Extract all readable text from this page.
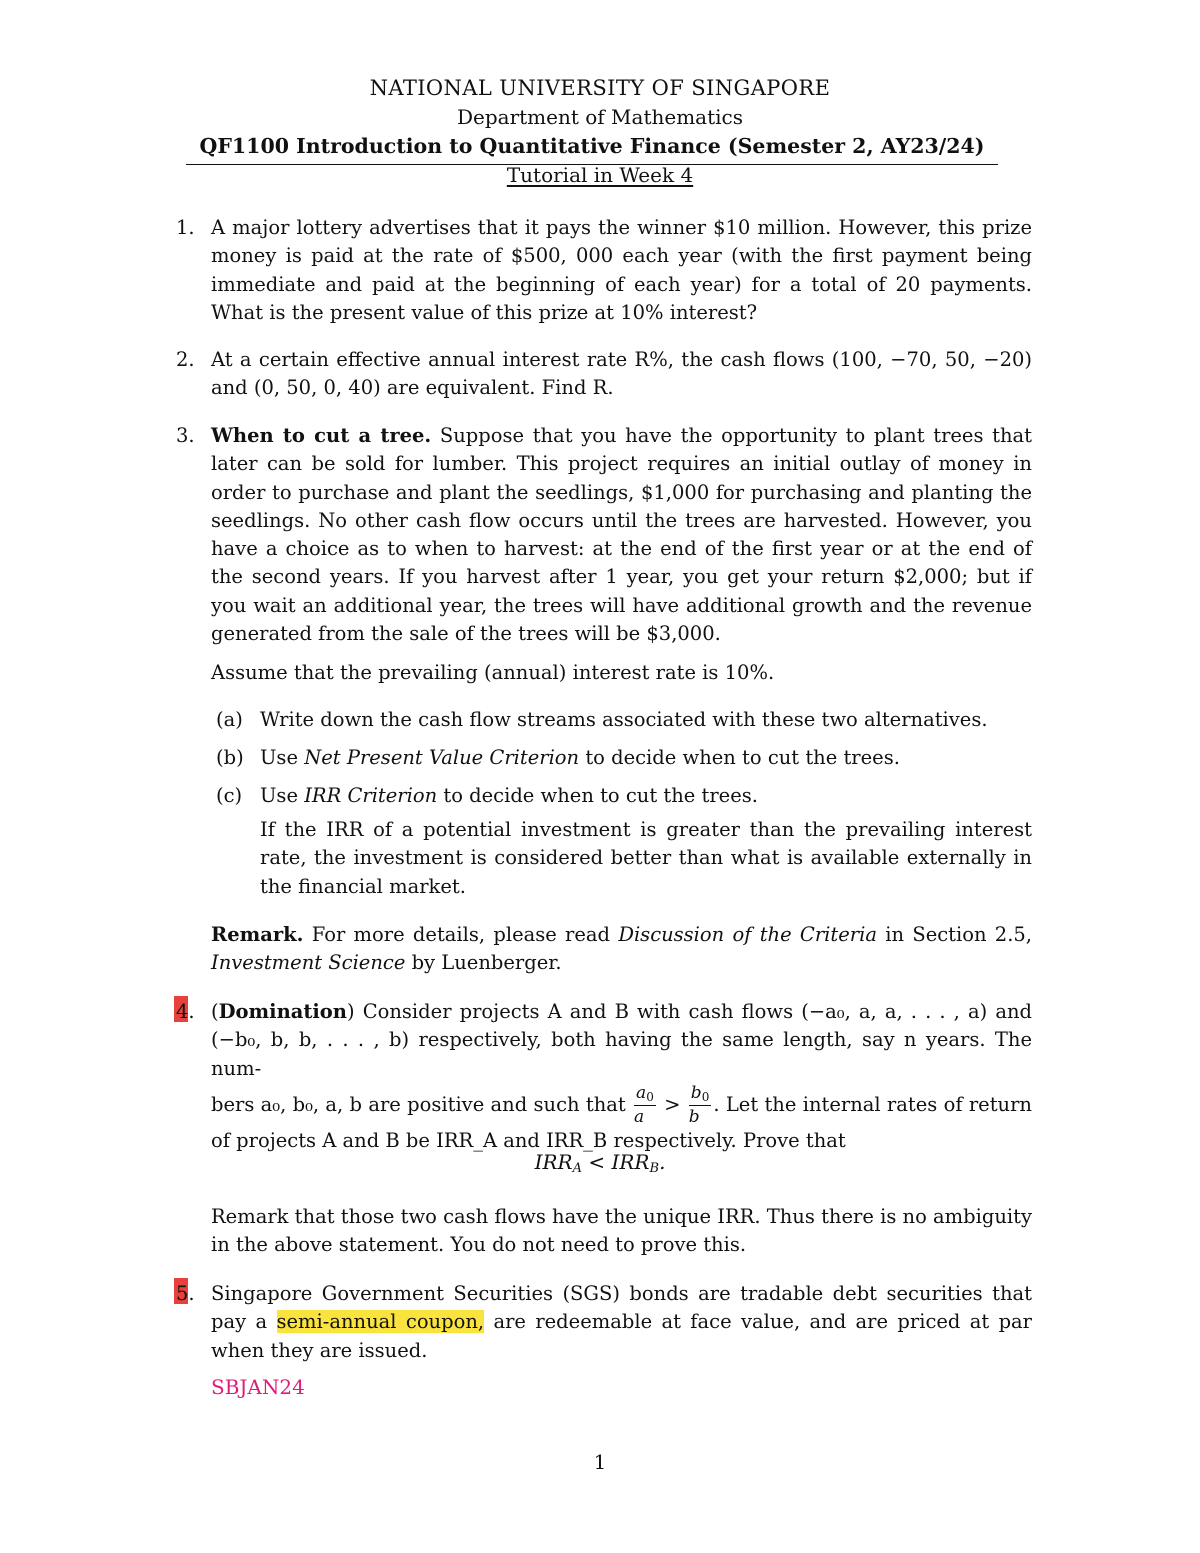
NATIONAL UNIVERSITY OF SINGAPORE
Department of Mathematics
QF1100 Introduction to Quantitative Finance (Semester 2, AY23/24)
Tutorial in Week 4
1. A major lottery advertises that it pays the winner $10 million. However, this prize
money is paid at the rate of $500, 000 each year (with the first payment being
immediate and paid at the beginning of each year) for a total of 20 payments.
What is the present value of this prize at 10% interest?
2. At a certain effective annual interest rate R%, the cash flows (100, −70, 50, −20)
and (0, 50, 0, 40) are equivalent. Find R.
3. When to cut a tree. Suppose that you have the opportunity to plant trees that
later can be sold for lumber. This project requires an initial outlay of money in
order to purchase and plant the seedlings, $1,000 for purchasing and planting the
seedlings. No other cash flow occurs until the trees are harvested. However, you
have a choice as to when to harvest: at the end of the first year or at the end of
the second years. If you harvest after 1 year, you get your return $2,000; but if
you wait an additional year, the trees will have additional growth and the revenue
generated from the sale of the trees will be $3,000.
Assume that the prevailing (annual) interest rate is 10%.
(a) Write down the cash flow streams associated with these two alternatives.
(b) Use Net Present Value Criterion to decide when to cut the trees.
(c) Use IRR Criterion to decide when to cut the trees.
If the IRR of a potential investment is greater than the prevailing interest
rate, the investment is considered better than what is available externally in
the financial market.
Remark. For more details, please read Discussion of the Criteria in Section 2.5,
Investment Science by Luenberger.
4. (Domination) Consider projects A and B with cash flows (−a₀, a, a, . . . , a) and
(−b₀, b, b, . . . , b) respectively, both having the same length, say n years. The num-
bers a₀, b₀, a, b are positive and such that $\frac{a0}{a} > \frac{b0}{b}$ . Let the internal rates of return
of projects A and B be IRR_A and IRR_B respectively. Prove that
IRRA < IRRB.
Remark that those two cash flows have the unique IRR. Thus there is no ambiguity
in the above statement. You do not need to prove this.
5. Singapore Government Securities (SGS) bonds are tradable debt securities that
pay a semi-annual coupon, are redeemable at face value, and are priced at par
when they are issued.
SBJAN24
1
